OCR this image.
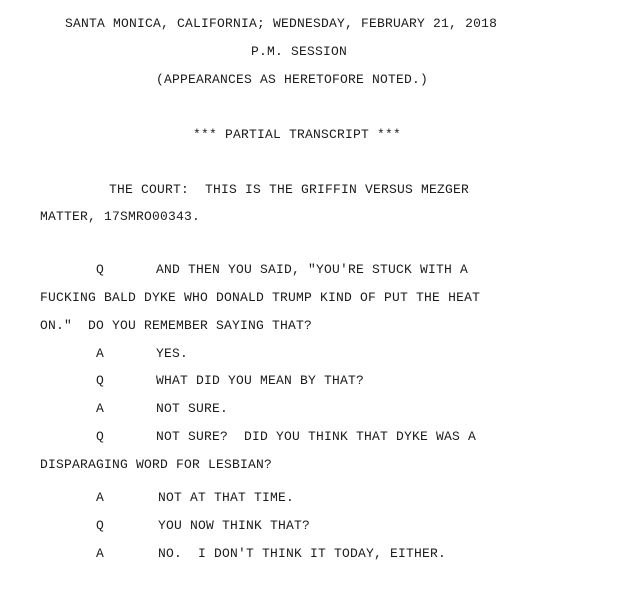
SANTA MONICA, CALIFORNIA; WEDNESDAY, FEBRUARY 21, 2018
P.M. SESSION
(APPEARANCES AS HERETOFORE NOTED.)
*** PARTIAL TRANSCRIPT ***
THE COURT:  THIS IS THE GRIFFIN VERSUS MEZGER
MATTER, 17SMRO00343.
Q	AND THEN YOU SAID, "YOU'RE STUCK WITH A
FUCKING BALD DYKE WHO DONALD TRUMP KIND OF PUT THE HEAT
ON."  DO YOU REMEMBER SAYING THAT?
A	YES.
Q	WHAT DID YOU MEAN BY THAT?
A	NOT SURE.
Q	NOT SURE?  DID YOU THINK THAT DYKE WAS A
DISPARAGING WORD FOR LESBIAN?
A	NOT AT THAT TIME.
Q	YOU NOW THINK THAT?
A	NO.  I DON'T THINK IT TODAY, EITHER.
